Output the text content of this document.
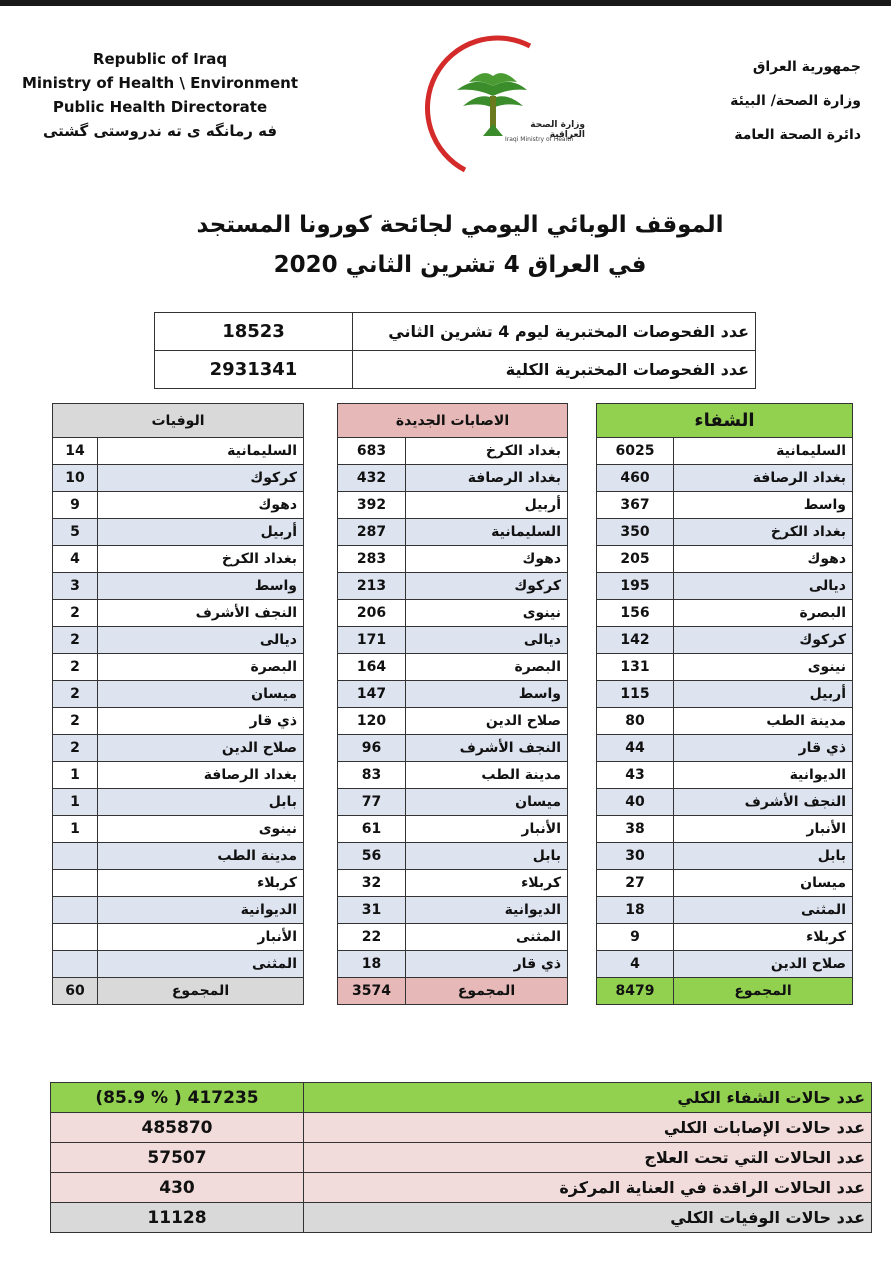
Republic of Iraq
Ministry of Health \ Environment
Public Health Directorate
فه رمانگه ی ته ندروستی گشتی
جمهورية العراق
وزارة الصحة/ البيئة
دائرة الصحة العامة
وزارة الصحة العراقية
Iraqi Ministry of Health
الموقف الوبائي اليومي لجائحة كورونا المستجد
في العراق 4 تشرين الثاني 2020
18523	عدد الفحوصات المختبرية ليوم 4 تشرين الثاني
2931341	عدد الفحوصات المختبرية الكلية
الوفيات	
14	السليمانية
10	كركوك
9	دهوك
5	أربيل
4	بغداد الكرخ
3	واسط
2	النجف الأشرف
2	ديالى
2	البصرة
2	ميسان
2	ذي قار
2	صلاح الدين
1	بغداد الرصافة
1	بابل
1	نينوى
	مدينة الطب
	كربلاء
	الديوانية
	الأنبار
	المثنى
60	المجموع
الاصابات الجديدة	
683	بغداد الكرخ
432	بغداد الرصافة
392	أربيل
287	السليمانية
283	دهوك
213	كركوك
206	نينوى
171	ديالى
164	البصرة
147	واسط
120	صلاح الدين
96	النجف الأشرف
83	مدينة الطب
77	ميسان
61	الأنبار
56	بابل
32	كربلاء
31	الديوانية
22	المثنى
18	ذي قار
3574	المجموع
الشفاء	
6025	السليمانية
460	بغداد الرصافة
367	واسط
350	بغداد الكرخ
205	دهوك
195	ديالى
156	البصرة
142	كركوك
131	نينوى
115	أربيل
80	مدينة الطب
44	ذي قار
43	الديوانية
40	النجف الأشرف
38	الأنبار
30	بابل
27	ميسان
18	المثنى
9	كربلاء
4	صلاح الدين
8479	المجموع
(85.9 % ) 417235	عدد حالات الشفاء الكلي
485870	عدد حالات الإصابات الكلي
57507	عدد الحالات التي تحت العلاج
430	عدد الحالات الراقدة في العناية المركزة
11128	عدد حالات الوفيات الكلي
